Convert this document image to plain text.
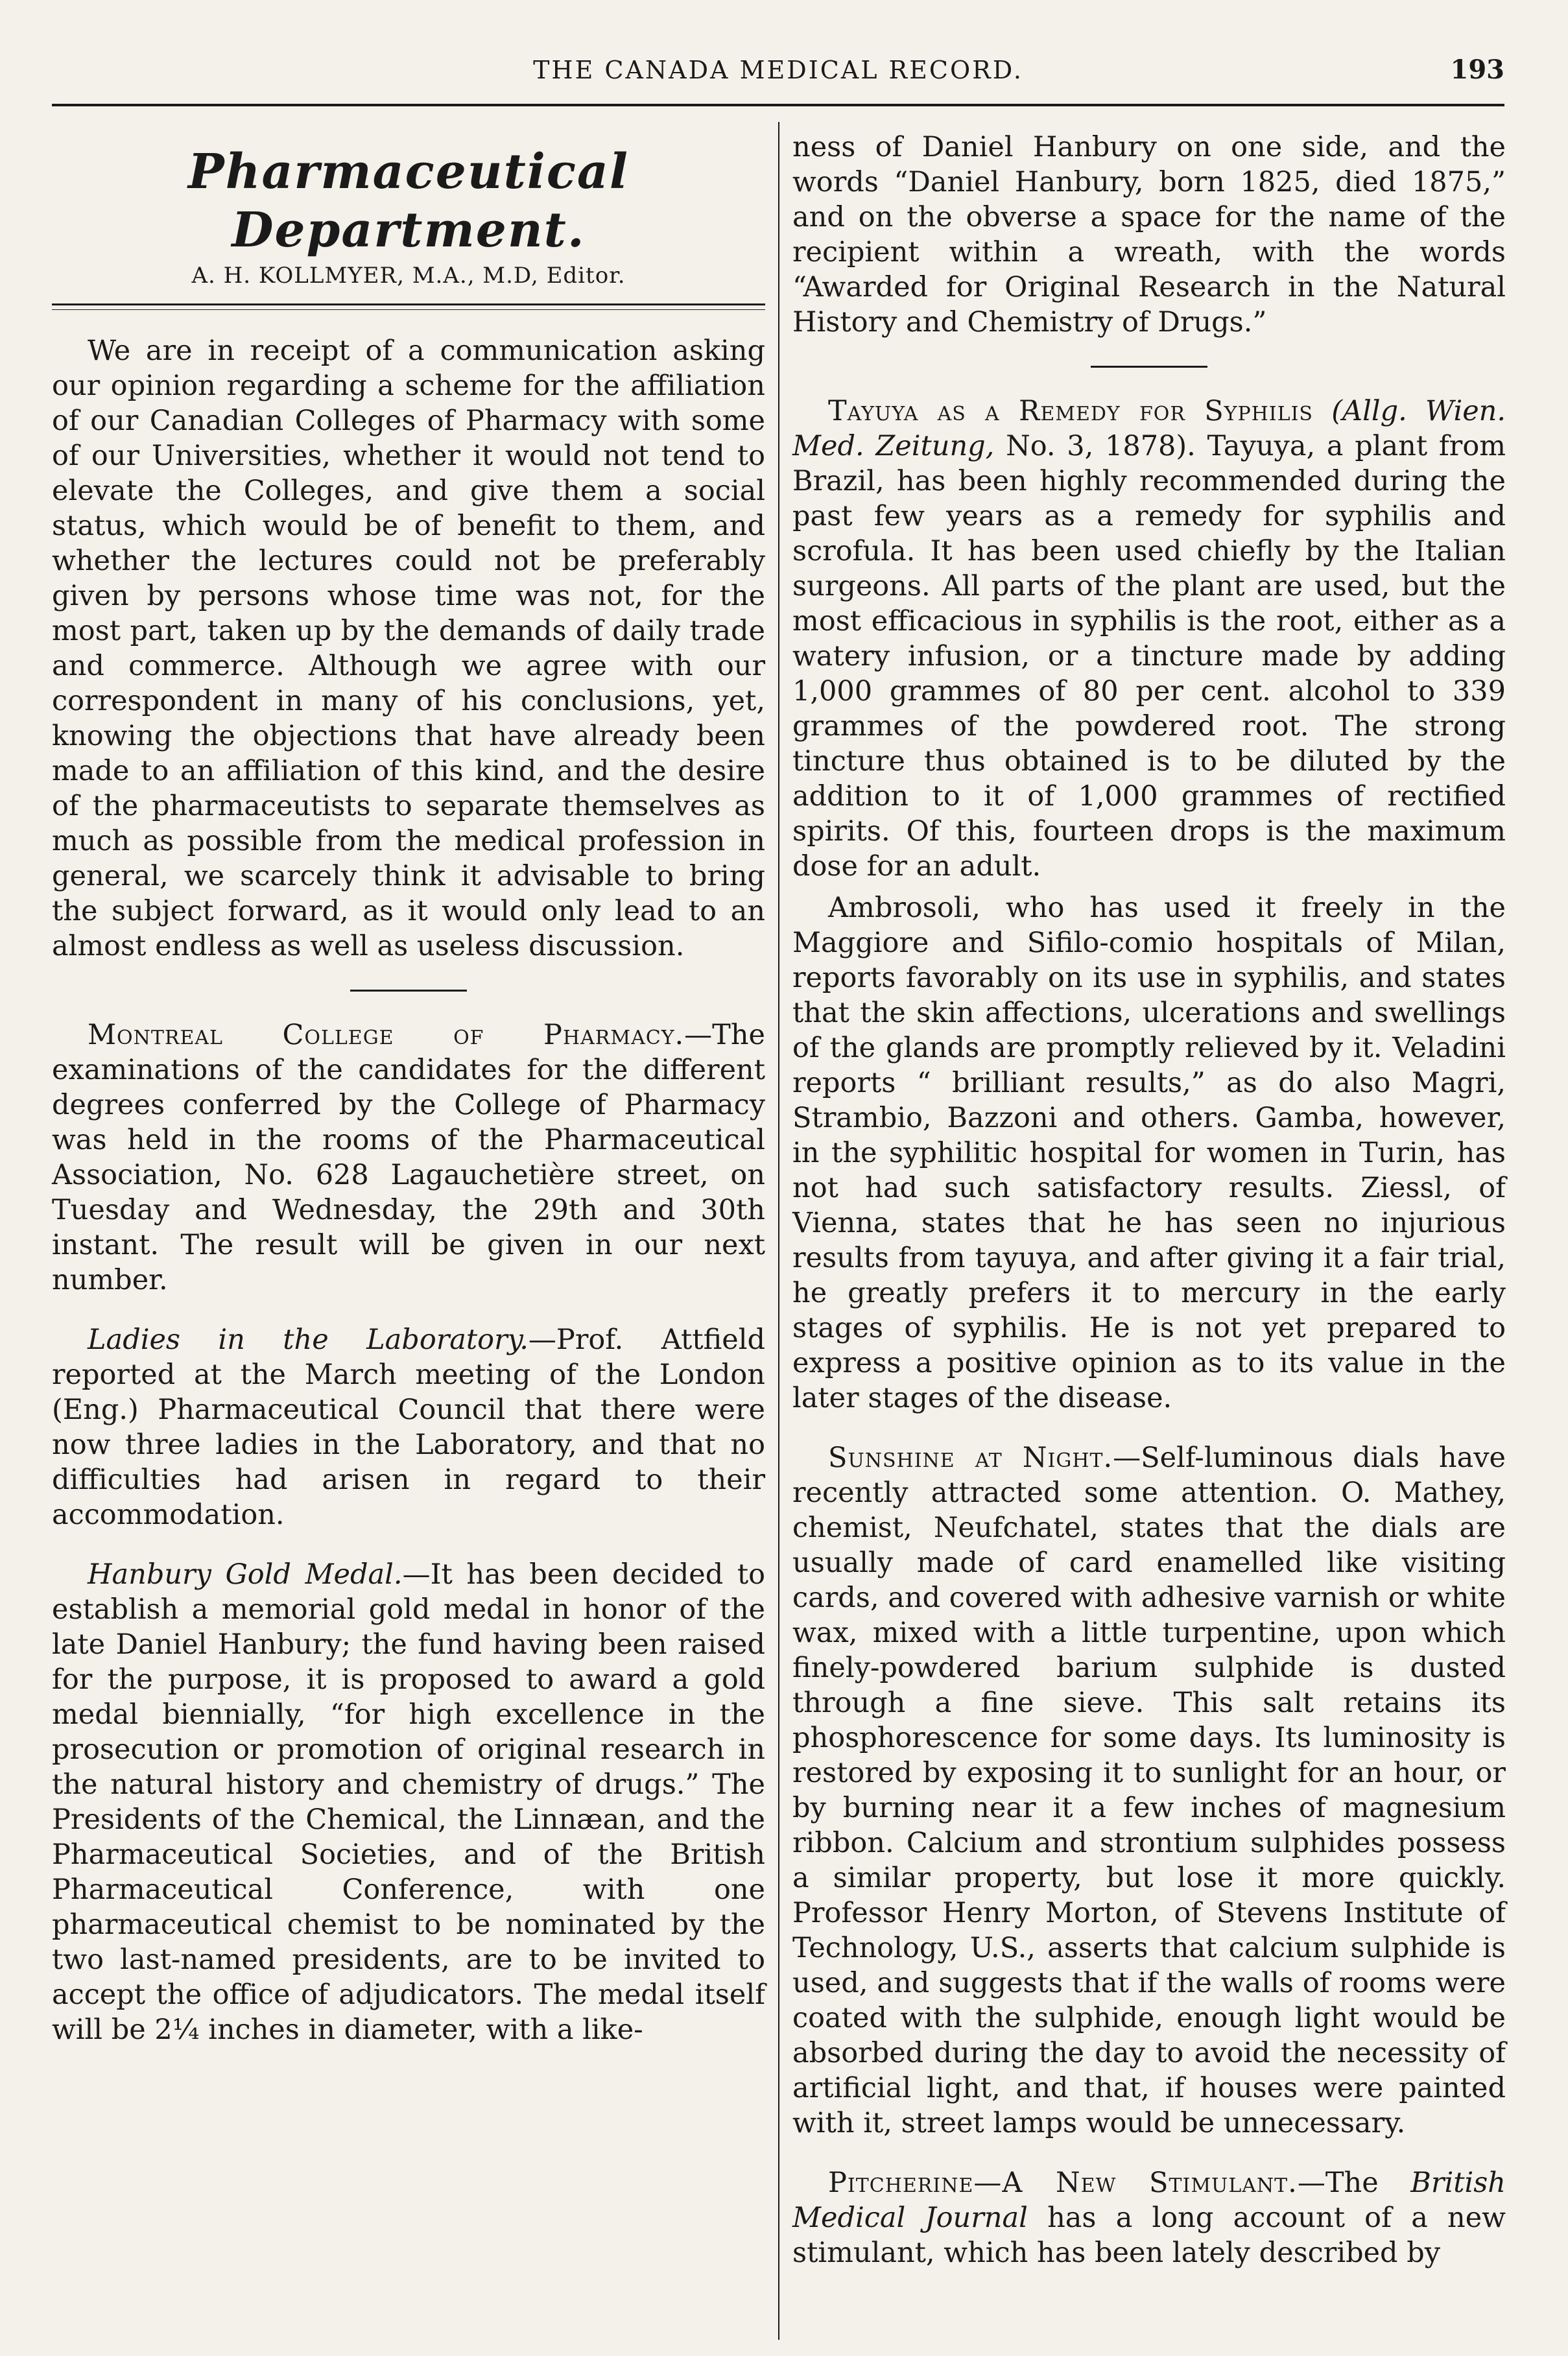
THE CANADA MEDICAL RECORD.	193
Pharmaceutical Department.
A. H. KOLLMYER, M.A., M.D, Editor.

We are in receipt of a communication asking our opinion regarding a scheme for the affiliation of our Canadian Colleges of Pharmacy with some of our Universities, whether it would not tend to elevate the Colleges, and give them a social status, which would be of benefit to them, and whether the lectures could not be preferably given by persons whose time was not, for the most part, taken up by the demands of daily trade and commerce. Although we agree with our correspondent in many of his conclusions, yet, knowing the objections that have already been made to an affiliation of this kind, and the desire of the pharmaceutists to separate themselves as much as possible from the medical profession in general, we scarcely think it advisable to bring the subject forward, as it would only lead to an almost endless as well as useless discussion.

Montreal College of Pharmacy.—The examinations of the candidates for the different degrees conferred by the College of Pharmacy was held in the rooms of the Pharmaceutical Association, No. 628 Lagauchetière street, on Tuesday and Wednesday, the 29th and 30th instant. The result will be given in our next number.

Ladies in the Laboratory.—Prof. Attfield reported at the March meeting of the London (Eng.) Pharmaceutical Council that there were now three ladies in the Laboratory, and that no difficulties had arisen in regard to their accommodation.

Hanbury Gold Medal.—It has been decided to establish a memorial gold medal in honor of the late Daniel Hanbury; the fund having been raised for the purpose, it is proposed to award a gold medal biennially, “for high excellence in the prosecution or promotion of original research in the natural history and chemistry of drugs.” The Presidents of the Chemical, the Linnæan, and the Pharmaceutical Societies, and of the British Pharmaceutical Conference, with one pharmaceutical chemist to be nominated by the two last-named presidents, are to be invited to accept the office of adjudicators. The medal itself will be 2¼ inches in diameter, with a like-

ness of Daniel Hanbury on one side, and the words “Daniel Hanbury, born 1825, died 1875,” and on the obverse a space for the name of the recipient within a wreath, with the words “Awarded for Original Research in the Natural History and Chemistry of Drugs.”

Tayuya as a Remedy for Syphilis (Allg. Wien. Med. Zeitung, No. 3, 1878). Tayuya, a plant from Brazil, has been highly recommended during the past few years as a remedy for syphilis and scrofula. It has been used chiefly by the Italian surgeons. All parts of the plant are used, but the most efficacious in syphilis is the root, either as a watery infusion, or a tincture made by adding 1,000 grammes of 80 per cent. alcohol to 339 grammes of the powdered root. The strong tincture thus obtained is to be diluted by the addition to it of 1,000 grammes of rectified spirits. Of this, fourteen drops is the maximum dose for an adult.

Ambrosoli, who has used it freely in the Maggiore and Sifilo-comio hospitals of Milan, reports favorably on its use in syphilis, and states that the skin affections, ulcerations and swellings of the glands are promptly relieved by it. Veladini reports “ brilliant results,” as do also Magri, Strambio, Bazzoni and others. Gamba, however, in the syphilitic hospital for women in Turin, has not had such satisfactory results. Ziessl, of Vienna, states that he has seen no injurious results from tayuya, and after giving it a fair trial, he greatly prefers it to mercury in the early stages of syphilis. He is not yet prepared to express a positive opinion as to its value in the later stages of the disease.

Sunshine at Night.—Self-luminous dials have recently attracted some attention. O. Mathey, chemist, Neufchatel, states that the dials are usually made of card enamelled like visiting cards, and covered with adhesive varnish or white wax, mixed with a little turpentine, upon which finely-powdered barium sulphide is dusted through a fine sieve. This salt retains its phosphorescence for some days. Its luminosity is restored by exposing it to sunlight for an hour, or by burning near it a few inches of magnesium ribbon. Calcium and strontium sulphides possess a similar property, but lose it more quickly. Professor Henry Morton, of Stevens Institute of Technology, U.S., asserts that calcium sulphide is used, and suggests that if the walls of rooms were coated with the sulphide, enough light would be absorbed during the day to avoid the necessity of artificial light, and that, if houses were painted with it, street lamps would be unnecessary.

Pitcherine—A New Stimulant.—The British Medical Journal has a long account of a new stimulant, which has been lately described by
